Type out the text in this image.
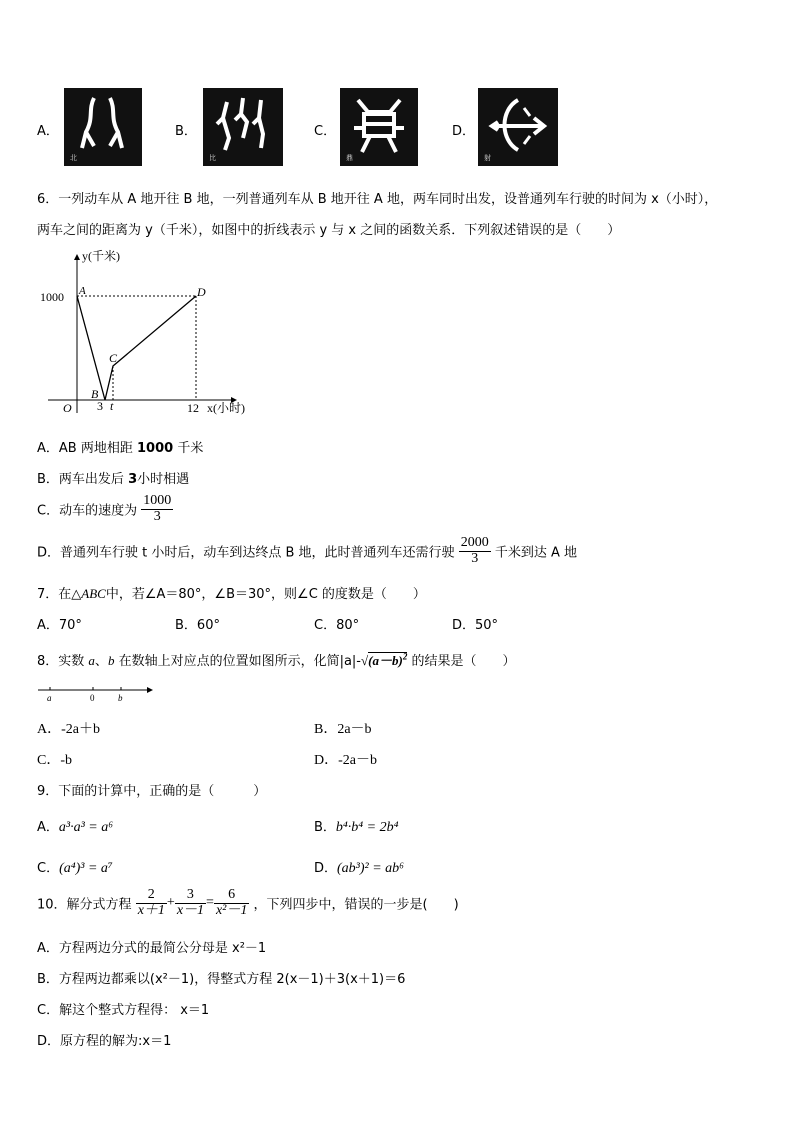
A．
北
B．
比
C．
鼎
D．
射
6．一列动车从 A 地开往 B 地，一列普通列车从 B 地开往 A 地，两车同时出发，设普通列车行驶的时间为 x（小时），
两车之间的距离为 y（千米），如图中的折线表示 y 与 x 之间的函数关系．下列叙述错误的是（　　）
y(千米)
x(小时)
1000
O 3 t	12
A
B
C
D
A．AB 两地相距 1000 千米
B．两车出发后 3小时相遇
C．动车的速度为 $\frac{1000}{3}$
D．普通列车行驶 t 小时后，动车到达终点 B 地，此时普通列车还需行驶 $\frac{2000}{3}$ 千米到达 A 地
7．在△ABC中，若∠A＝80°，∠B＝30°，则∠C 的度数是（　　）
A．70°	B．60°	C．80°	D．50°
8．实数 a、b 在数轴上对应点的位置如图所示，化简$|a|-√(a-b)^2$ 的结果是（　　）
a	0	b
A．-2a＋b	B．2a－b
C．-b	D．-2a－b
9．下面的计算中，正确的是（　　　）
A．a³·a³ = a⁶	B．b⁴·b⁴ = 2b⁴
C．(a⁴)³ = a⁷	D．(ab³)² = ab⁶
10．解分式方程 $\frac{2}{x+1} + \frac{3}{x-1} = \frac{6}{\text{x²－1}}$ ，下列四步中，错误的一步是(　　)
A．方程两边分式的最简公分母是 x²－1
B．方程两边都乘以(x²－1)，得整式方程 2(x－1)＋3(x＋1)＝6
C．解这个整式方程得： x＝1
D．原方程的解为:x＝1
